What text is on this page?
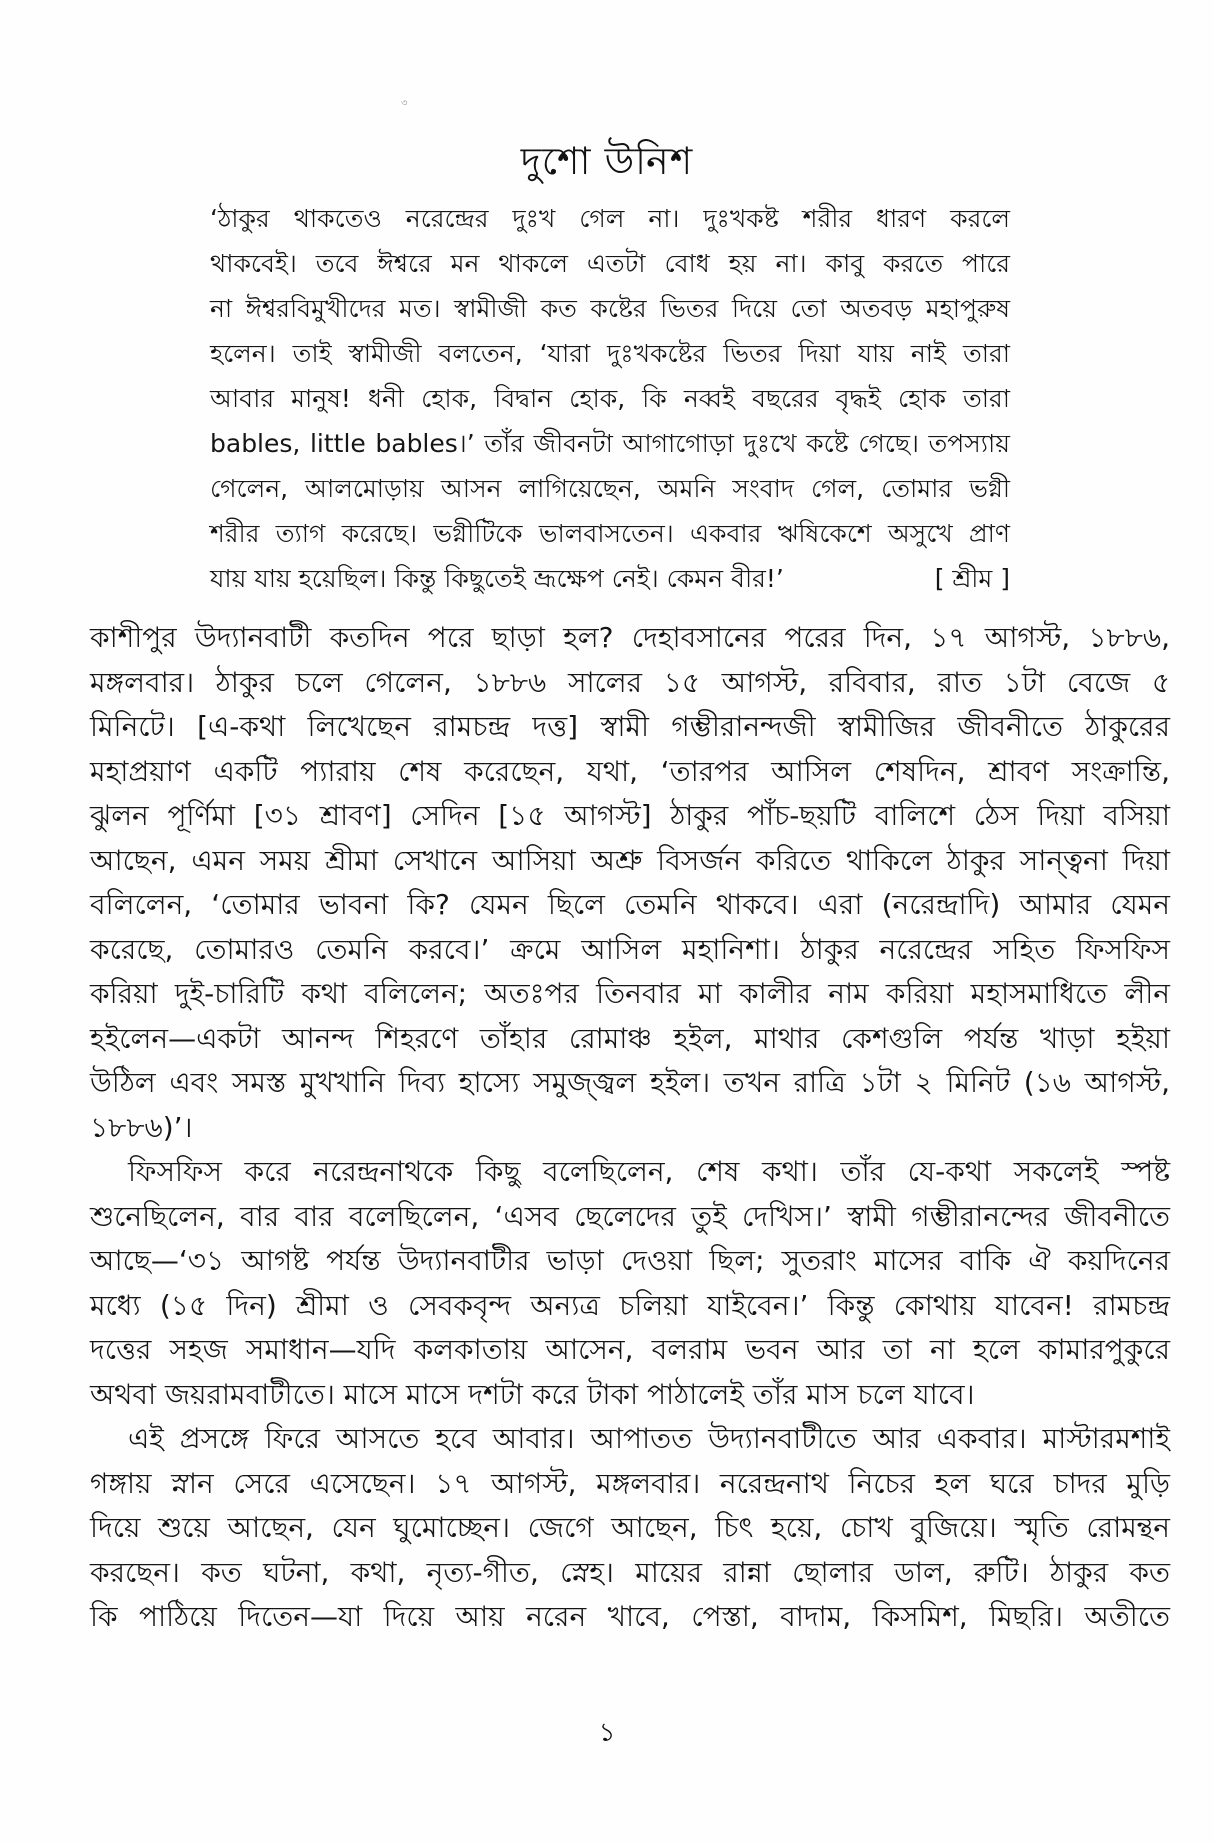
৩
দুশো উনিশ
‘ঠাকুর থাকতেও নরেন্দ্রের দুঃখ গেল না। দুঃখকষ্ট শরীর ধারণ করলে
থাকবেই। তবে ঈশ্বরে মন থাকলে এতটা বোধ হয় না। কাবু করতে পারে
না ঈশ্বরবিমুখীদের মত। স্বামীজী কত কষ্টের ভিতর দিয়ে তো অতবড় মহাপুরুষ
হলেন। তাই স্বামীজী বলতেন, ‘যারা দুঃখকষ্টের ভিতর দিয়া যায় নাই তারা
আবার মানুষ! ধনী হোক, বিদ্বান হোক, কি নব্বই বছরের বৃদ্ধই হোক তারা
bables, little bables।’ তাঁর জীবনটা আগাগোড়া দুঃখে কষ্টে গেছে। তপস্যায়
গেলেন, আলমোড়ায় আসন লাগিয়েছেন, অমনি সংবাদ গেল, তোমার ভগ্নী
শরীর ত্যাগ করেছে। ভগ্নীটিকে ভালবাসতেন। একবার ঋষিকেশে অসুখে প্রাণ
যায় যায় হয়েছিল। কিন্তু কিছুতেই ভ্রূক্ষেপ নেই। কেমন বীর!’	[ শ্রীম ]
কাশীপুর উদ্যানবাটী কতদিন পরে ছাড়া হল? দেহাবসানের পরের দিন, ১৭ আগস্ট, ১৮৮৬,
মঙ্গলবার। ঠাকুর চলে গেলেন, ১৮৮৬ সালের ১৫ আগস্ট, রবিবার, রাত ১টা বেজে ৫
মিনিটে। [এ-কথা লিখেছেন রামচন্দ্র দত্ত] স্বামী গম্ভীরানন্দজী স্বামীজির জীবনীতে ঠাকুরের
মহাপ্রয়াণ একটি প্যারায় শেষ করেছেন, যথা, ‘তারপর আসিল শেষদিন, শ্রাবণ সংক্রান্তি,
ঝুলন পূর্ণিমা [৩১ শ্রাবণ] সেদিন [১৫ আগস্ট] ঠাকুর পাঁচ-ছয়টি বালিশে ঠেস দিয়া বসিয়া
আছেন, এমন সময় শ্রীমা সেখানে আসিয়া অশ্রু বিসর্জন করিতে থাকিলে ঠাকুর সান্ত্বনা দিয়া
বলিলেন, ‘তোমার ভাবনা কি? যেমন ছিলে তেমনি থাকবে। এরা (নরেন্দ্রাদি) আমার যেমন
করেছে, তোমারও তেমনি করবে।’ ক্রমে আসিল মহানিশা। ঠাকুর নরেন্দ্রের সহিত ফিসফিস
করিয়া দুই-চারিটি কথা বলিলেন; অতঃপর তিনবার মা কালীর নাম করিয়া মহাসমাধিতে লীন
হইলেন—একটা আনন্দ শিহরণে তাঁহার রোমাঞ্চ হইল, মাথার কেশগুলি পর্যন্ত খাড়া হইয়া
উঠিল এবং সমস্ত মুখখানি দিব্য হাস্যে সমুজ্জ্বল হইল। তখন রাত্রি ১টা ২ মিনিট (১৬ আগস্ট,
১৮৮৬)’।
ফিসফিস করে নরেন্দ্রনাথকে কিছু বলেছিলেন, শেষ কথা। তাঁর যে-কথা সকলেই স্পষ্ট
শুনেছিলেন, বার বার বলেছিলেন, ‘এসব ছেলেদের তুই দেখিস।’ স্বামী গম্ভীরানন্দের জীবনীতে
আছে—‘৩১ আগষ্ট পর্যন্ত উদ্যানবাটীর ভাড়া দেওয়া ছিল; সুতরাং মাসের বাকি ঐ কয়দিনের
মধ্যে (১৫ দিন) শ্রীমা ও সেবকবৃন্দ অন্যত্র চলিয়া যাইবেন।’ কিন্তু কোথায় যাবেন! রামচন্দ্র
দত্তের সহজ সমাধান—যদি কলকাতায় আসেন, বলরাম ভবন আর তা না হলে কামারপুকুরে
অথবা জয়রামবাটীতে। মাসে মাসে দশটা করে টাকা পাঠালেই তাঁর মাস চলে যাবে।
এই প্রসঙ্গে ফিরে আসতে হবে আবার। আপাতত উদ্যানবাটীতে আর একবার। মাস্টারমশাই
গঙ্গায় স্নান সেরে এসেছেন। ১৭ আগস্ট, মঙ্গলবার। নরেন্দ্রনাথ নিচের হল ঘরে চাদর মুড়ি
দিয়ে শুয়ে আছেন, যেন ঘুমোচ্ছেন। জেগে আছেন, চিৎ হয়ে, চোখ বুজিয়ে। স্মৃতি রোমন্থন
করছেন। কত ঘটনা, কথা, নৃত্য-গীত, স্নেহ। মায়ের রান্না ছোলার ডাল, রুটি। ঠাকুর কত
কি পাঠিয়ে দিতেন—যা দিয়ে আয় নরেন খাবে, পেস্তা, বাদাম, কিসমিশ, মিছরি। অতীতে
১
